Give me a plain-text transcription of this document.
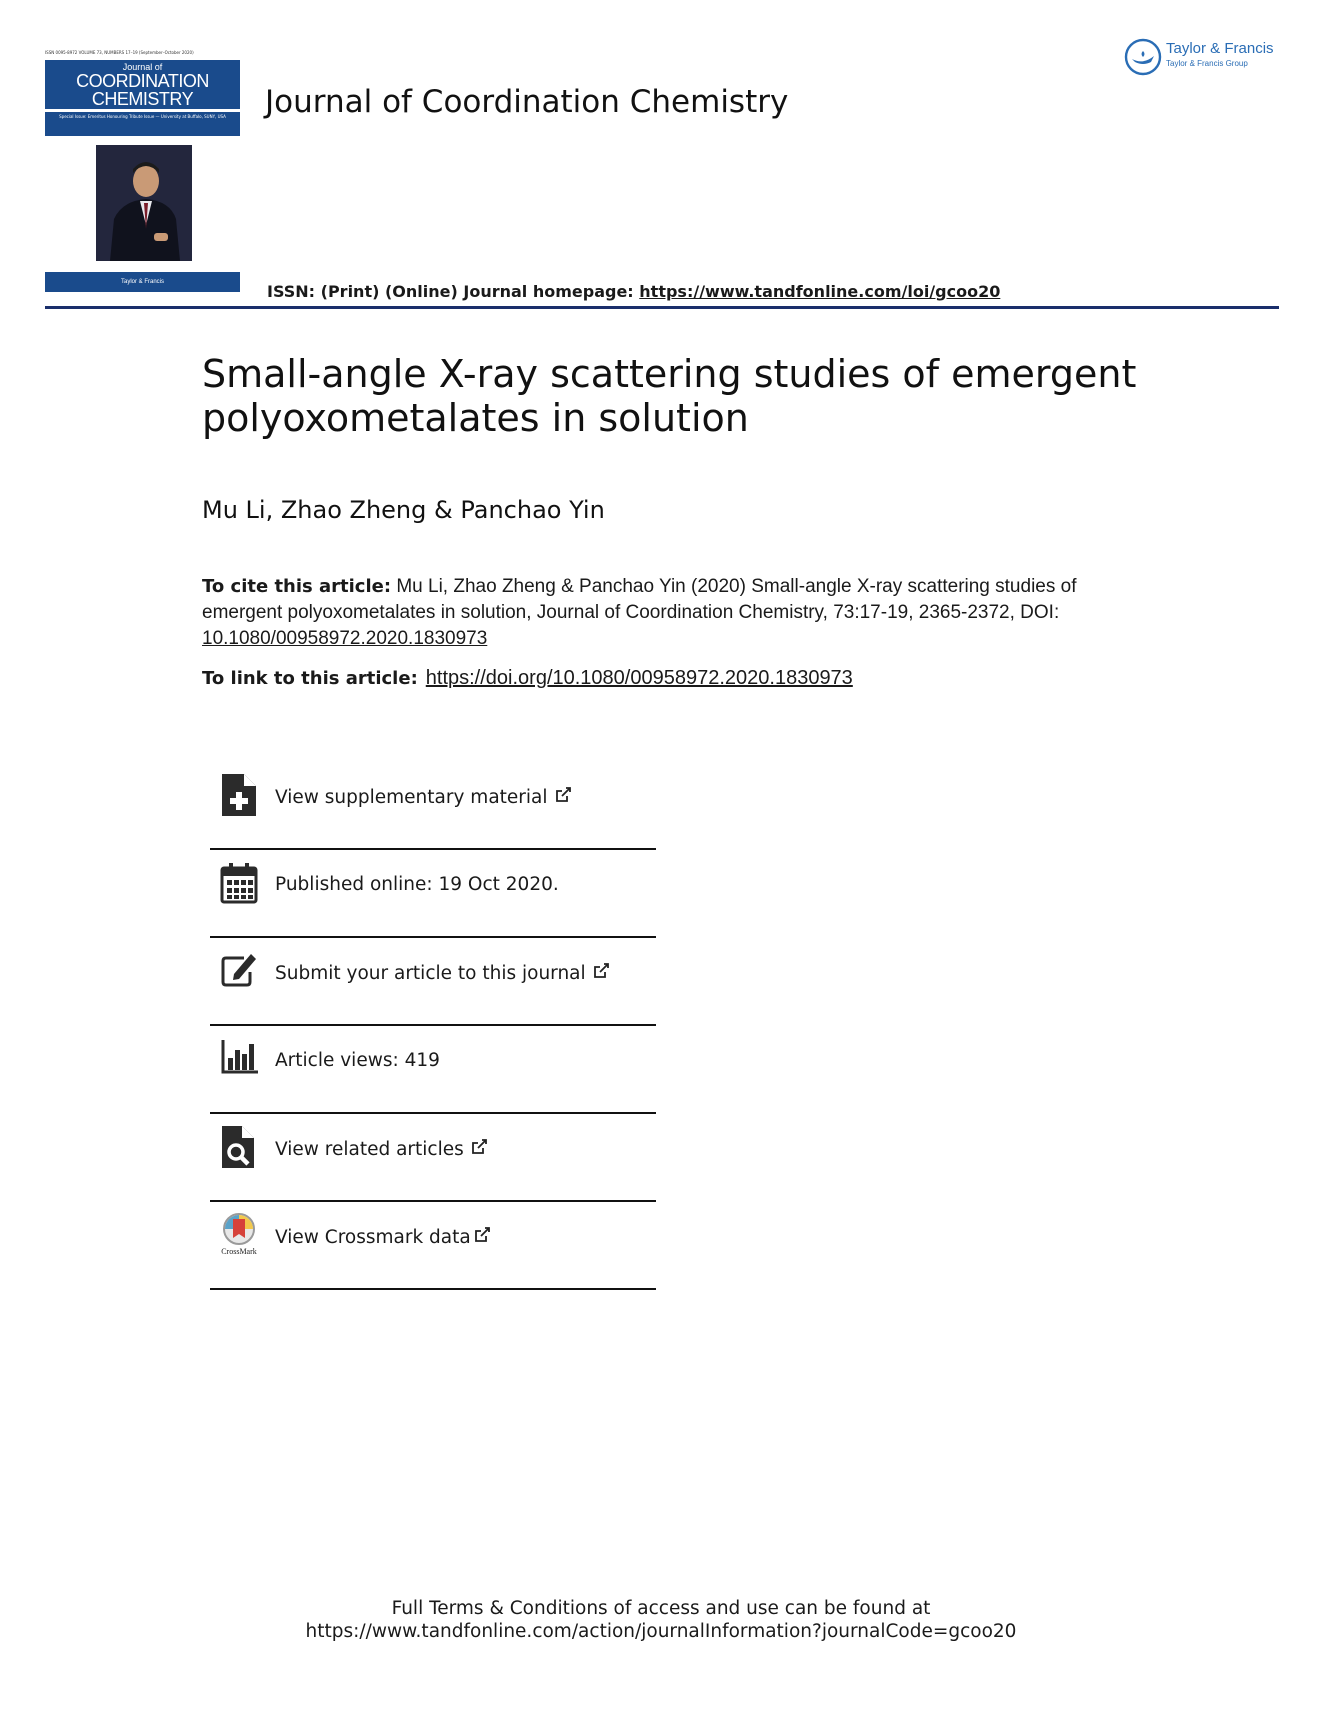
ISSN 0095-8972 VOLUME 73, NUMBERS 17–19 (September–October 2020)
Journal of
COORDINATION
CHEMISTRY
Special Issue: Emeritus Honouring Tribute Issue — University at Buffalo, SUNY, USA
Taylor & Francis
Journal of Coordination Chemistry
Taylor & Francis
Taylor & Francis Group
ISSN: (Print) (Online) Journal homepage: https://www.tandfonline.com/loi/gcoo20
Small-angle X-ray scattering studies of emergent polyoxometalates in solution
Mu Li, Zhao Zheng & Panchao Yin
To cite this article: Mu Li, Zhao Zheng & Panchao Yin (2020) Small-angle X-ray scattering studies of emergent polyoxometalates in solution, Journal of Coordination Chemistry, 73:17-19, 2365-2372, DOI: 10.1080/00958972.2020.1830973
To link to this article: https://doi.org/10.1080/00958972.2020.1830973
View supplementary material
Published online: 19 Oct 2020.
Submit your article to this journal
Article views: 419
View related articles
CrossMark
View Crossmark data
Full Terms & Conditions of access and use can be found at
https://www.tandfonline.com/action/journalInformation?journalCode=gcoo20
